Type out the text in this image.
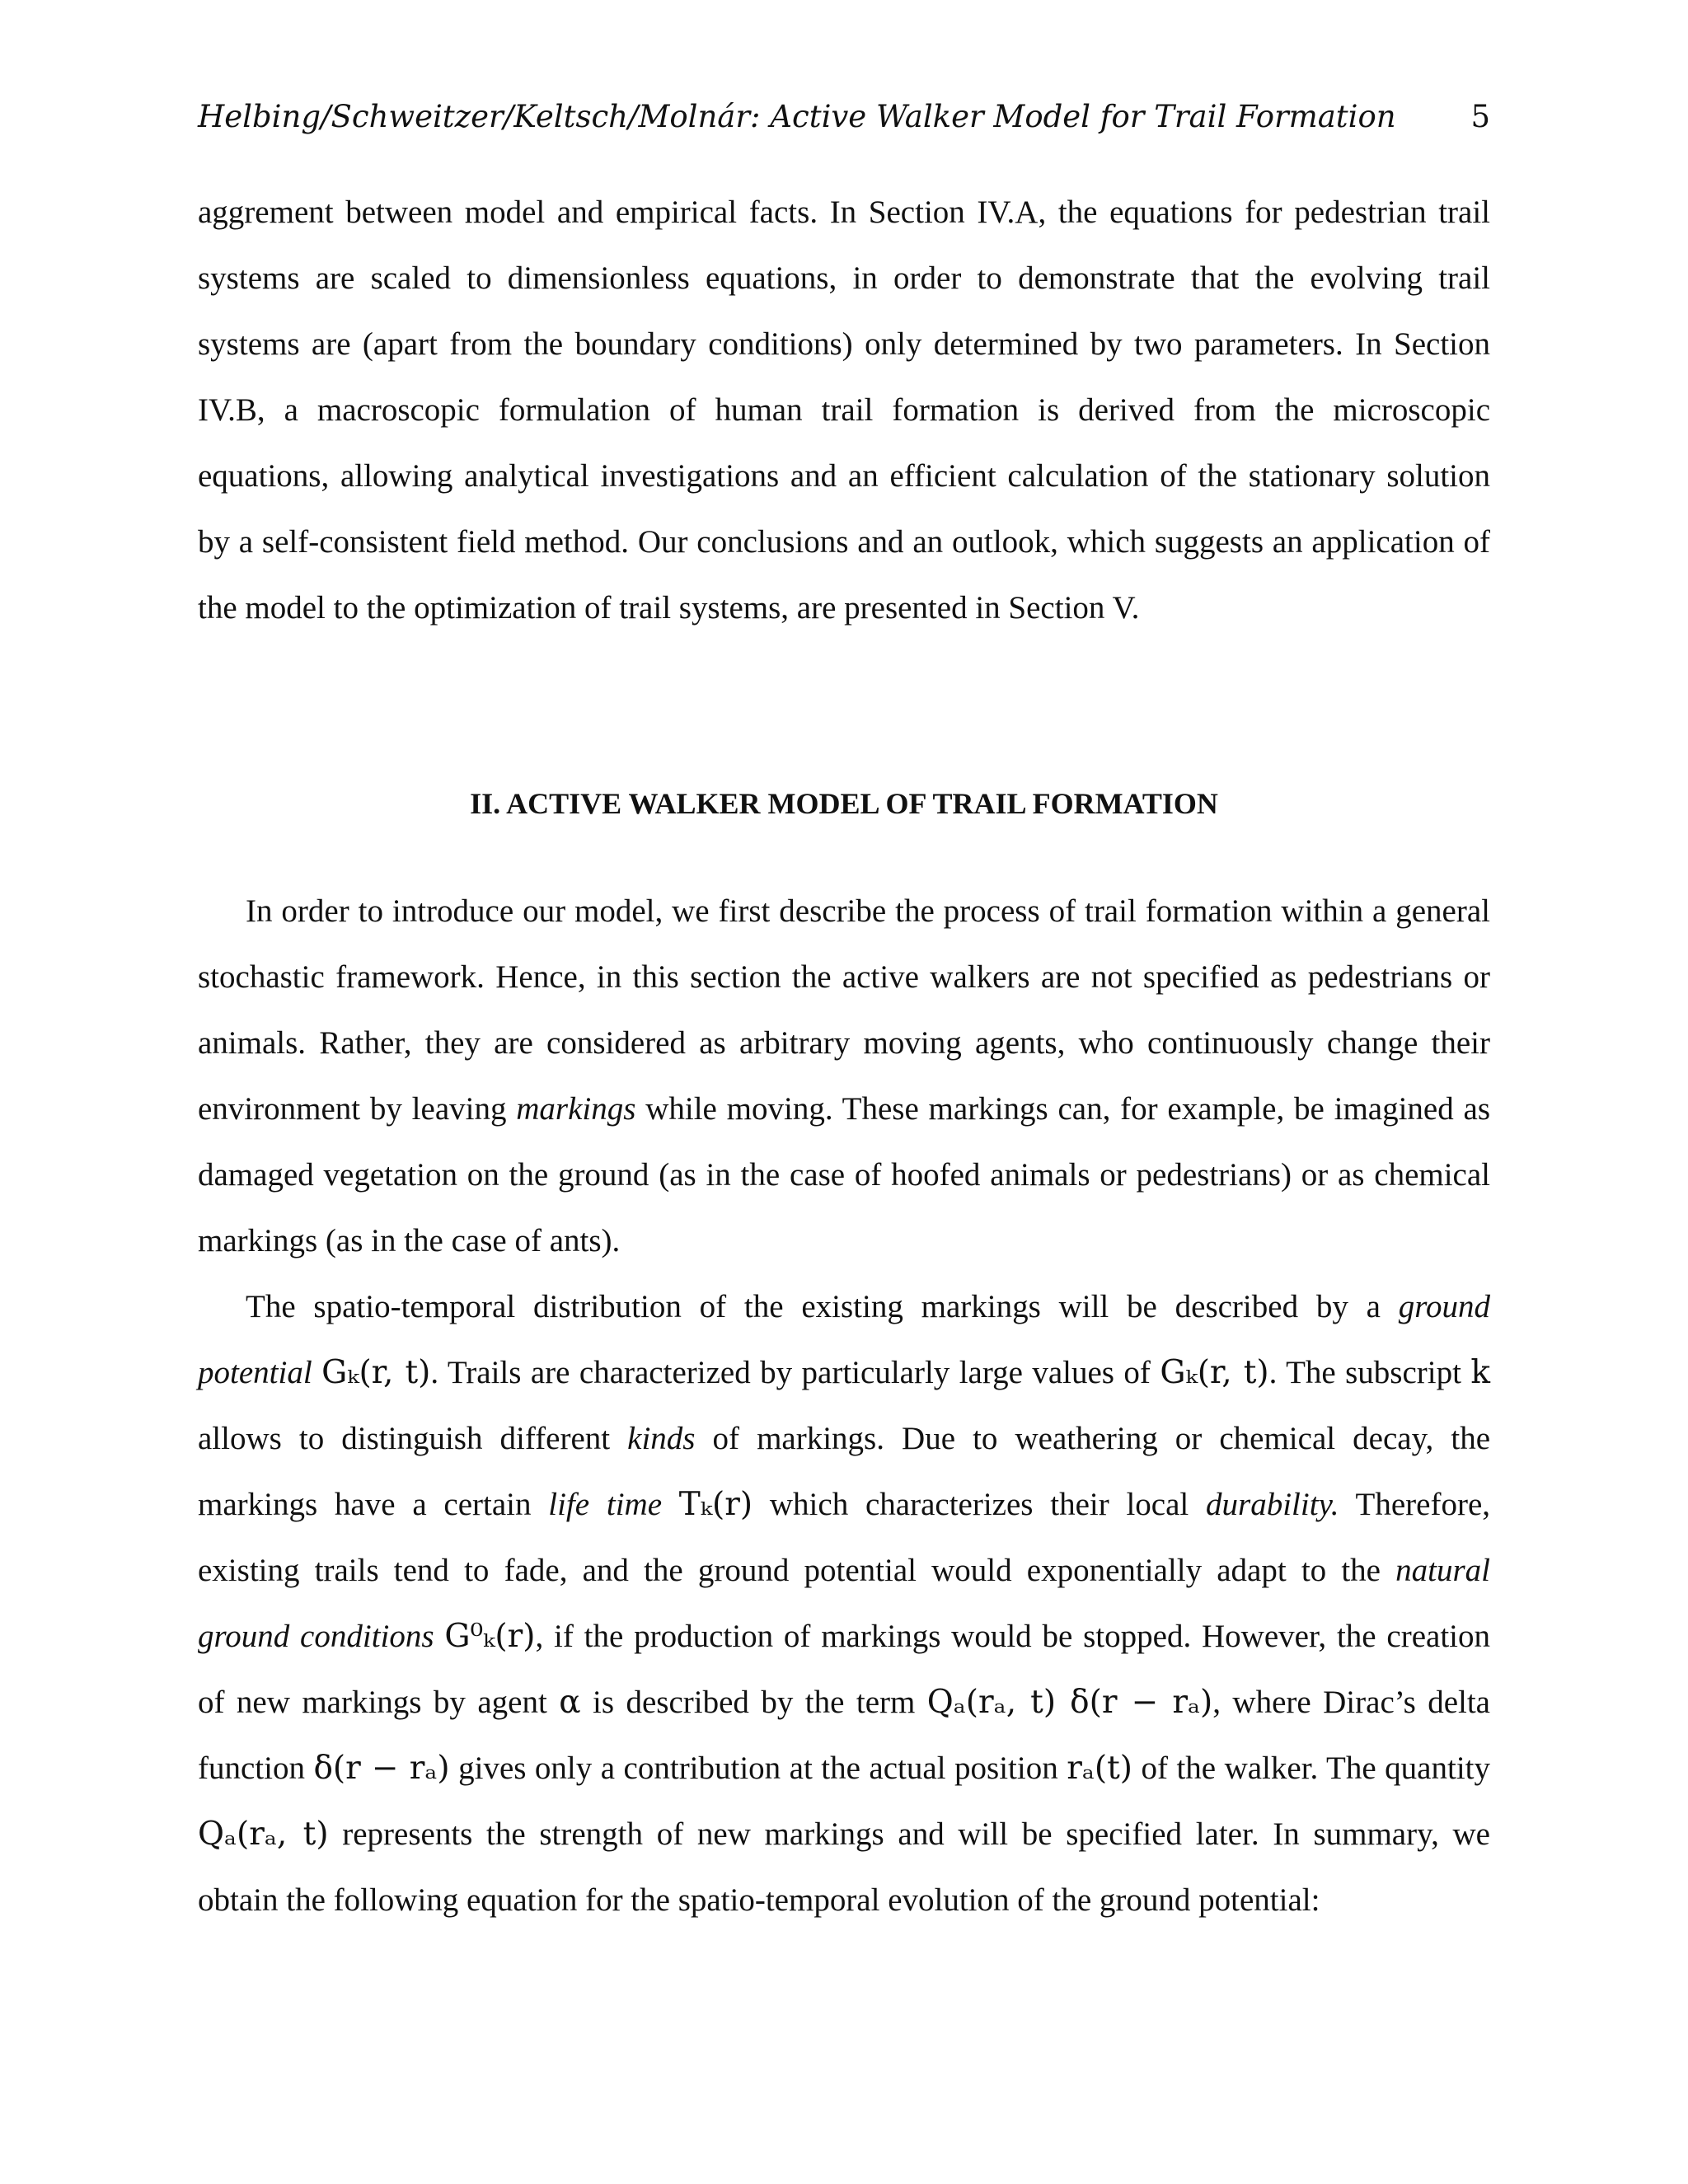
Helbing/Schweitzer/Keltsch/Molnár: Active Walker Model for Trail Formation 5

aggrement between model and empirical facts. In Section IV.A, the equations for pedestrian trail systems are scaled to dimensionless equations, in order to demonstrate that the evolving trail systems are (apart from the boundary conditions) only determined by two parameters. In Section IV.B, a macroscopic formulation of human trail formation is derived from the microscopic equations, allowing analytical investigations and an efficient calculation of the stationary solution by a self-consistent field method. Our conclusions and an outlook, which suggests an application of the model to the optimization of trail systems, are presented in Section V.

II. ACTIVE WALKER MODEL OF TRAIL FORMATION

In order to introduce our model, we first describe the process of trail formation within a general stochastic framework. Hence, in this section the active walkers are not specified as pedestrians or animals. Rather, they are considered as arbitrary moving agents, who continuously change their environment by leaving markings while moving. These markings can, for example, be imagined as damaged vegetation on the ground (as in the case of hoofed animals or pedestrians) or as chemical markings (as in the case of ants).

The spatio-temporal distribution of the existing markings will be described by a ground potential Gₖ(r, t). Trails are characterized by particularly large values of Gₖ(r, t). The subscript k allows to distinguish different kinds of markings. Due to weathering or chemical decay, the markings have a certain life time Tₖ(r) which characterizes their local durability. Therefore, existing trails tend to fade, and the ground potential would exponentially adapt to the natural ground conditions G⁰ₖ(r), if the production of markings would be stopped. However, the creation of new markings by agent α is described by the term Qₐ(rₐ, t) δ(r − rₐ), where Dirac’s delta function δ(r − rₐ) gives only a contribution at the actual position rₐ(t) of the walker. The quantity Qₐ(rₐ, t) represents the strength of new markings and will be specified later. In summary, we obtain the following equation for the spatio-temporal evolution of the ground potential:
